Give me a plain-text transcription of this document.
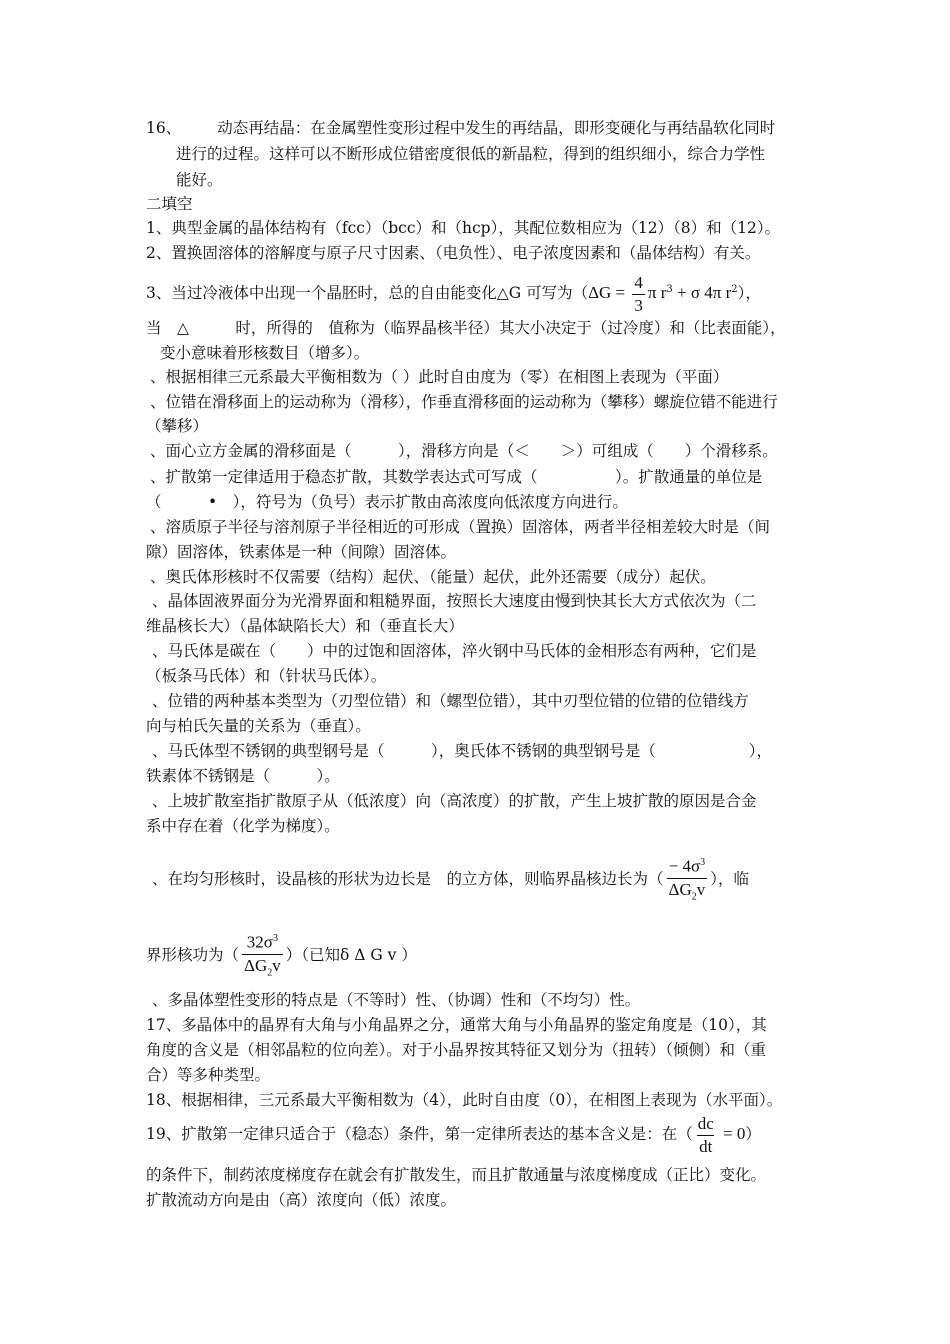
16、 动态再结晶：在金属塑性变形过程中发生的再结晶，即形变硬化与再结晶软化同时
进行的过程。这样可以不断形成位错密度很低的新晶粒，得到的组织细小，综合力学性
能好。
二填空
1、典型金属的晶体结构有（fcc）（bcc）和（hcp），其配位数相应为（12）（8）和（12）。
2、置换固溶体的溶解度与原子尺寸因素、（电负性）、电子浓度因素和（晶体结构）有关。
3、当过冷液体中出现一个晶胚时，总的自由能变化△G 可写为（$\Delta G = \frac{4}{3}$ π $r^3 + \sigma$ 4π $r^2$），
当　△　　　时，所得的　值称为（临界晶核半径）其大小决定于（过冷度）和（比表面能），
变小意味着形核数目（增多）。
、根据相律三元系最大平衡相数为（ ）此时自由度为（零）在相图上表现为（平面）
、位错在滑移面上的运动称为（滑移），作垂直滑移面的运动称为（攀移）螺旋位错不能进行
（攀移）
、面心立方金属的滑移面是（　　　），滑移方向是（＜　　＞）可组成（　　）个滑移系。
、扩散第一定律适用于稳态扩散，其数学表达式可写成（　　　　　）。扩散通量的单位是
（　　　•　），符号为（负号）表示扩散由高浓度向低浓度方向进行。
、溶质原子半径与溶剂原子半径相近的可形成（置换）固溶体，两者半径相差较大时是（间
隙）固溶体，铁素体是一种（间隙）固溶体。
、奥氏体形核时不仅需要（结构）起伏、（能量）起伏，此外还需要（成分）起伏。
、晶体固液界面分为光滑界面和粗糙界面，按照长大速度由慢到快其长大方式依次为（二
维晶核长大）（晶体缺陷长大）和（垂直长大）
、马氏体是碳在（　　）中的过饱和固溶体，淬火钢中马氏体的金相形态有两种，它们是
（板条马氏体）和（针状马氏体）。
、位错的两种基本类型为（刃型位错）和（螺型位错），其中刃型位错的位错的位错线方
向与柏氏矢量的关系为（垂直）。
、马氏体型不锈钢的典型钢号是（　　　），奥氏体不锈钢的典型钢号是（　　　　　　），
铁素体不锈钢是（　　　）。
、上坡扩散室指扩散原子从（低浓度）向（高浓度）的扩散，产生上坡扩散的原因是合金
系中存在着（化学为梯度）。
、在均匀形核时，设晶核的形状为边长是　的立方体，则临界晶核边长为（ $\frac{- 4\sigma^3}{\Delta G_2v}$ ），临
界形核功为（ $\frac{32\sigma^3}{\Delta G_2v}$ ）（已知δ Δ G v ）
、多晶体塑性变形的特点是（不等时）性、（协调）性和（不均匀）性。
17、多晶体中的晶界有大角与小角晶界之分，通常大角与小角晶界的鉴定角度是（10），其
角度的含义是（相邻晶粒的位向差）。对于小晶界按其特征又划分为（扭转）（倾侧）和（重
合）等多种类型。
18、根据相律，三元系最大平衡相数为（4），此时自由度（0），在相图上表现为（水平面）。
19、扩散第一定律只适合于（稳态）条件，第一定律所表达的基本含义是：在（ $\frac{dc}{dt} = 0$）
的条件下，制药浓度梯度存在就会有扩散发生，而且扩散通量与浓度梯度成（正比）变化。
扩散流动方向是由（高）浓度向（低）浓度。
